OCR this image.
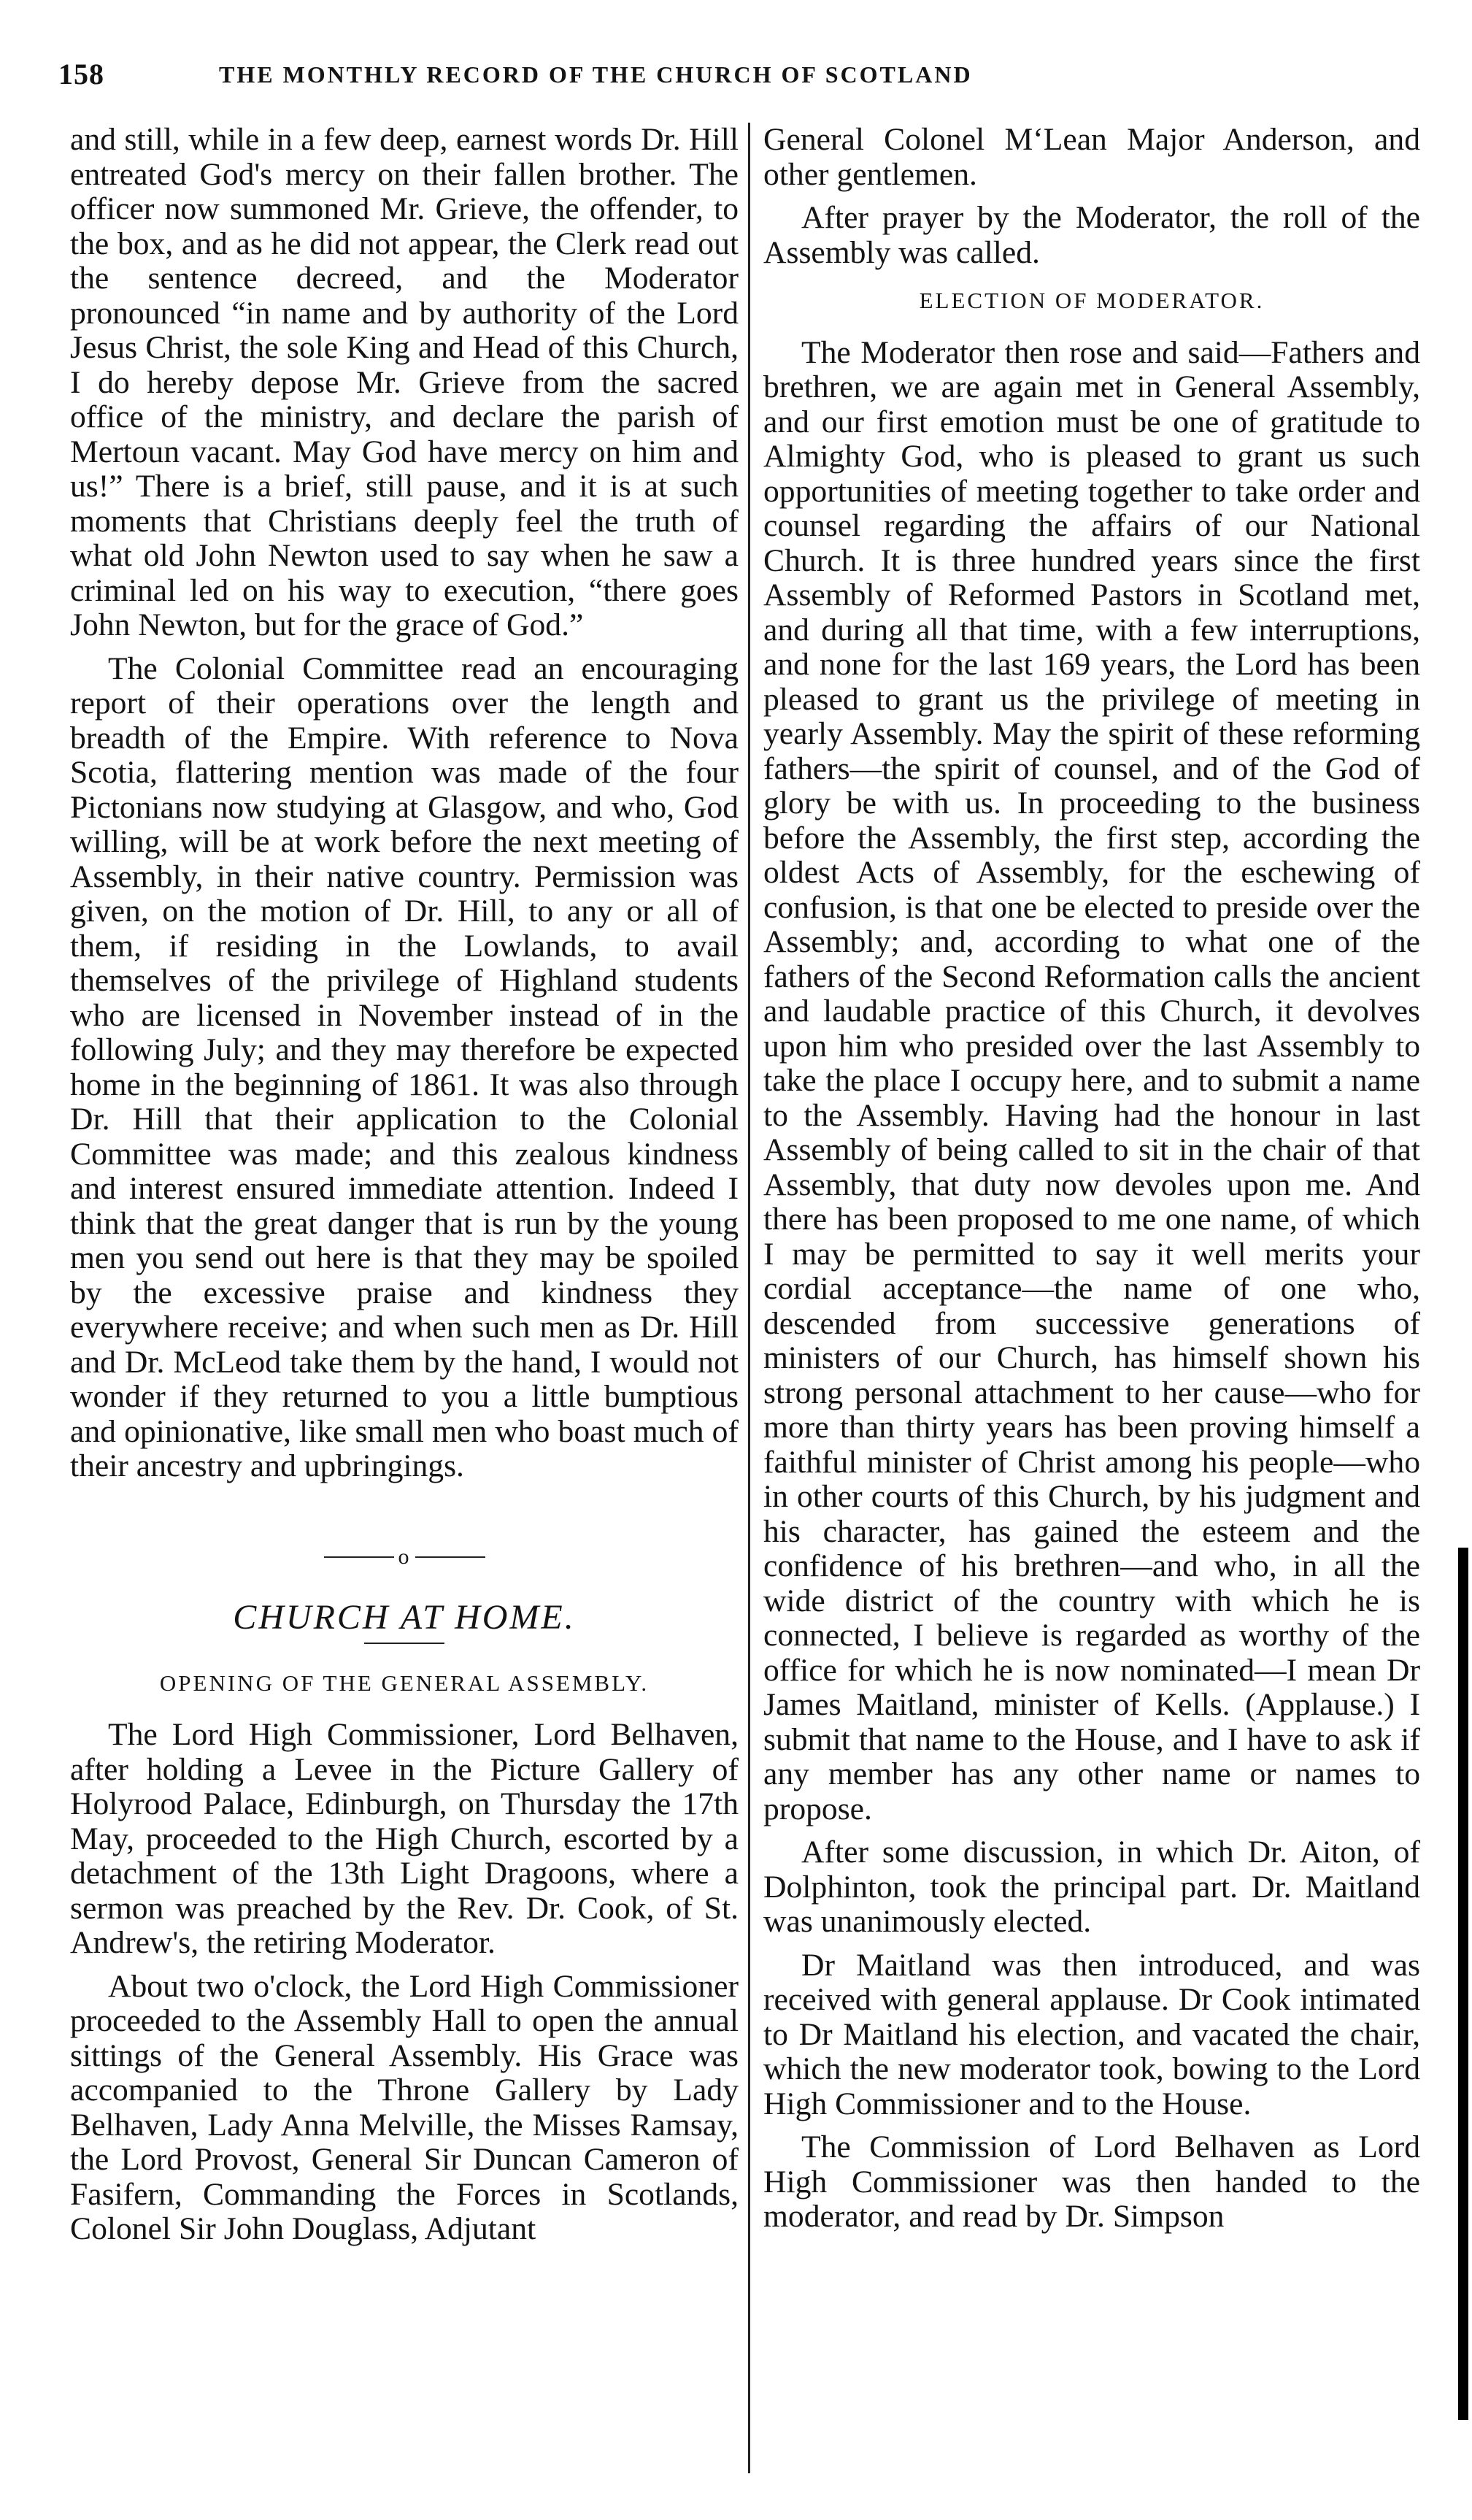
158	THE MONTHLY RECORD OF THE CHURCH OF SCOTLAND

and still, while in a few deep, earnest words Dr. Hill entreated God's mercy on their fallen brother. The officer now summoned Mr. Grieve, the offender, to the box, and as he did not appear, the Clerk read out the sentence decreed, and the Moderator pronounced “in name and by authority of the Lord Jesus Christ, the sole King and Head of this Church, I do hereby depose Mr. Grieve from the sacred office of the ministry, and declare the parish of Mertoun vacant. May God have mercy on him and us!” There is a brief, still pause, and it is at such moments that Christians deeply feel the truth of what old John Newton used to say when he saw a criminal led on his way to execution, “there goes John Newton, but for the grace of God.”

The Colonial Committee read an encouraging report of their operations over the length and breadth of the Empire. With reference to Nova Scotia, flattering mention was made of the four Pictonians now studying at Glasgow, and who, God willing, will be at work before the next meeting of Assembly, in their native country. Permission was given, on the motion of Dr. Hill, to any or all of them, if residing in the Lowlands, to avail themselves of the privilege of Highland students who are licensed in November instead of in the following July; and they may therefore be expected home in the beginning of 1861. It was also through Dr. Hill that their application to the Colonial Committee was made; and this zealous kindness and interest ensured immediate attention. Indeed I think that the great danger that is run by the young men you send out here is that they may be spoiled by the excessive praise and kindness they everywhere receive; and when such men as Dr. Hill and Dr. McLeod take them by the hand, I would not wonder if they returned to you a little bumptious and opinionative, like small men who boast much of their ancestry and upbringings.

o
CHURCH AT HOME.
OPENING OF THE GENERAL ASSEMBLY.

The Lord High Commissioner, Lord Belhaven, after holding a Levee in the Picture Gallery of Holyrood Palace, Edinburgh, on Thursday the 17th May, proceeded to the High Church, escorted by a detachment of the 13th Light Dragoons, where a sermon was preached by the Rev. Dr. Cook, of St. Andrew's, the retiring Moderator.

About two o'clock, the Lord High Commissioner proceeded to the Assembly Hall to open the annual sittings of the General Assembly. His Grace was accompanied to the Throne Gallery by Lady Belhaven, Lady Anna Melville, the Misses Ramsay, the Lord Provost, General Sir Duncan Cameron of Fasifern, Commanding the Forces in Scotlands, Colonel Sir John Douglass, Adjutant

General Colonel M‘Lean Major Anderson, and other gentlemen.

After prayer by the Moderator, the roll of the Assembly was called.

ELECTION OF MODERATOR.

The Moderator then rose and said—Fathers and brethren, we are again met in General Assembly, and our first emotion must be one of gratitude to Almighty God, who is pleased to grant us such opportunities of meeting together to take order and counsel regarding the affairs of our National Church. It is three hundred years since the first Assembly of Reformed Pastors in Scotland met, and during all that time, with a few interruptions, and none for the last 169 years, the Lord has been pleased to grant us the privilege of meeting in yearly Assembly. May the spirit of these reforming fathers—the spirit of counsel, and of the God of glory be with us. In proceeding to the business before the Assembly, the first step, according the oldest Acts of Assembly, for the eschewing of confusion, is that one be elected to preside over the Assembly; and, according to what one of the fathers of the Second Reformation calls the ancient and laudable practice of this Church, it devolves upon him who presided over the last Assembly to take the place I occupy here, and to submit a name to the Assembly. Having had the honour in last Assembly of being called to sit in the chair of that Assembly, that duty now devoles upon me. And there has been proposed to me one name, of which I may be permitted to say it well merits your cordial acceptance—the name of one who, descended from successive generations of ministers of our Church, has himself shown his strong personal attachment to her cause—who for more than thirty years has been proving himself a faithful minister of Christ among his people—who in other courts of this Church, by his judgment and his character, has gained the esteem and the confidence of his brethren—and who, in all the wide district of the country with which he is connected, I believe is regarded as worthy of the office for which he is now nominated—I mean Dr James Maitland, minister of Kells. (Applause.) I submit that name to the House, and I have to ask if any member has any other name or names to propose.

After some discussion, in which Dr. Aiton, of Dolphinton, took the principal part. Dr. Maitland was unanimously elected.

Dr Maitland was then introduced, and was received with general applause. Dr Cook intimated to Dr Maitland his election, and vacated the chair, which the new moderator took, bowing to the Lord High Commissioner and to the House.

The Commission of Lord Belhaven as Lord High Commissioner was then handed to the moderator, and read by Dr. Simpson
